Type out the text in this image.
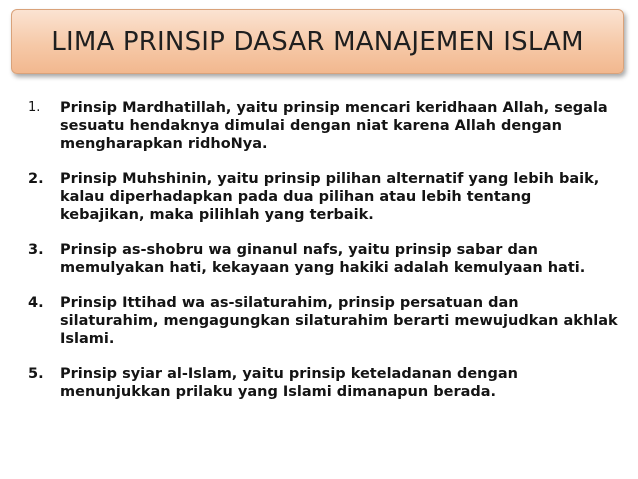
LIMA PRINSIP DASAR MANAJEMEN ISLAM
1. Prinsip Mardhatillah, yaitu prinsip mencari keridhaan Allah, segala sesuatu hendaknya dimulai dengan niat karena Allah dengan mengharapkan ridhoNya.
2. Prinsip Muhshinin, yaitu prinsip pilihan alternatif yang lebih baik, kalau diperhadapkan pada dua pilihan atau lebih tentang kebajikan, maka pilihlah yang terbaik.
3. Prinsip as-shobru wa ginanul nafs, yaitu prinsip sabar dan memulyakan hati, kekayaan yang hakiki adalah kemulyaan hati.
4. Prinsip Ittihad wa as-silaturahim, prinsip persatuan dan silaturahim, mengagungkan silaturahim berarti mewujudkan akhlak Islami.
5. Prinsip syiar al-Islam, yaitu prinsip keteladanan dengan menunjukkan prilaku yang Islami dimanapun berada.
